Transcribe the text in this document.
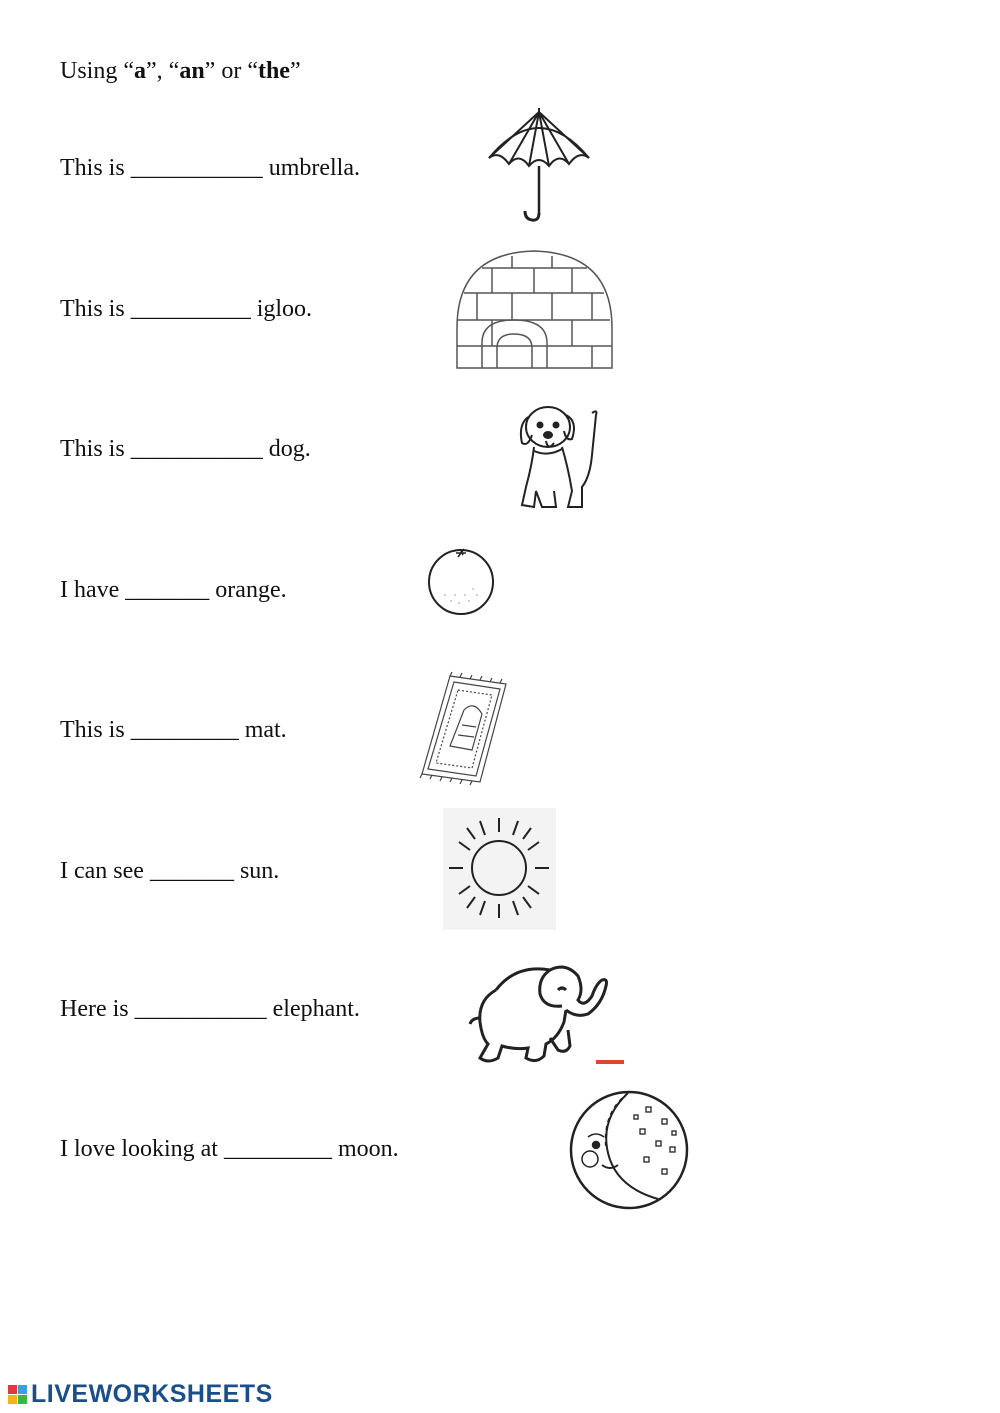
Using “a”, “an” or “the”
This is ___________ umbrella.
This is __________ igloo.
This is ___________ dog.
I have _______ orange.
This is _________ mat.
I can see _______ sun.
Here is ___________ elephant.
I love looking at _________ moon.
LIVEWORKSHEETS
